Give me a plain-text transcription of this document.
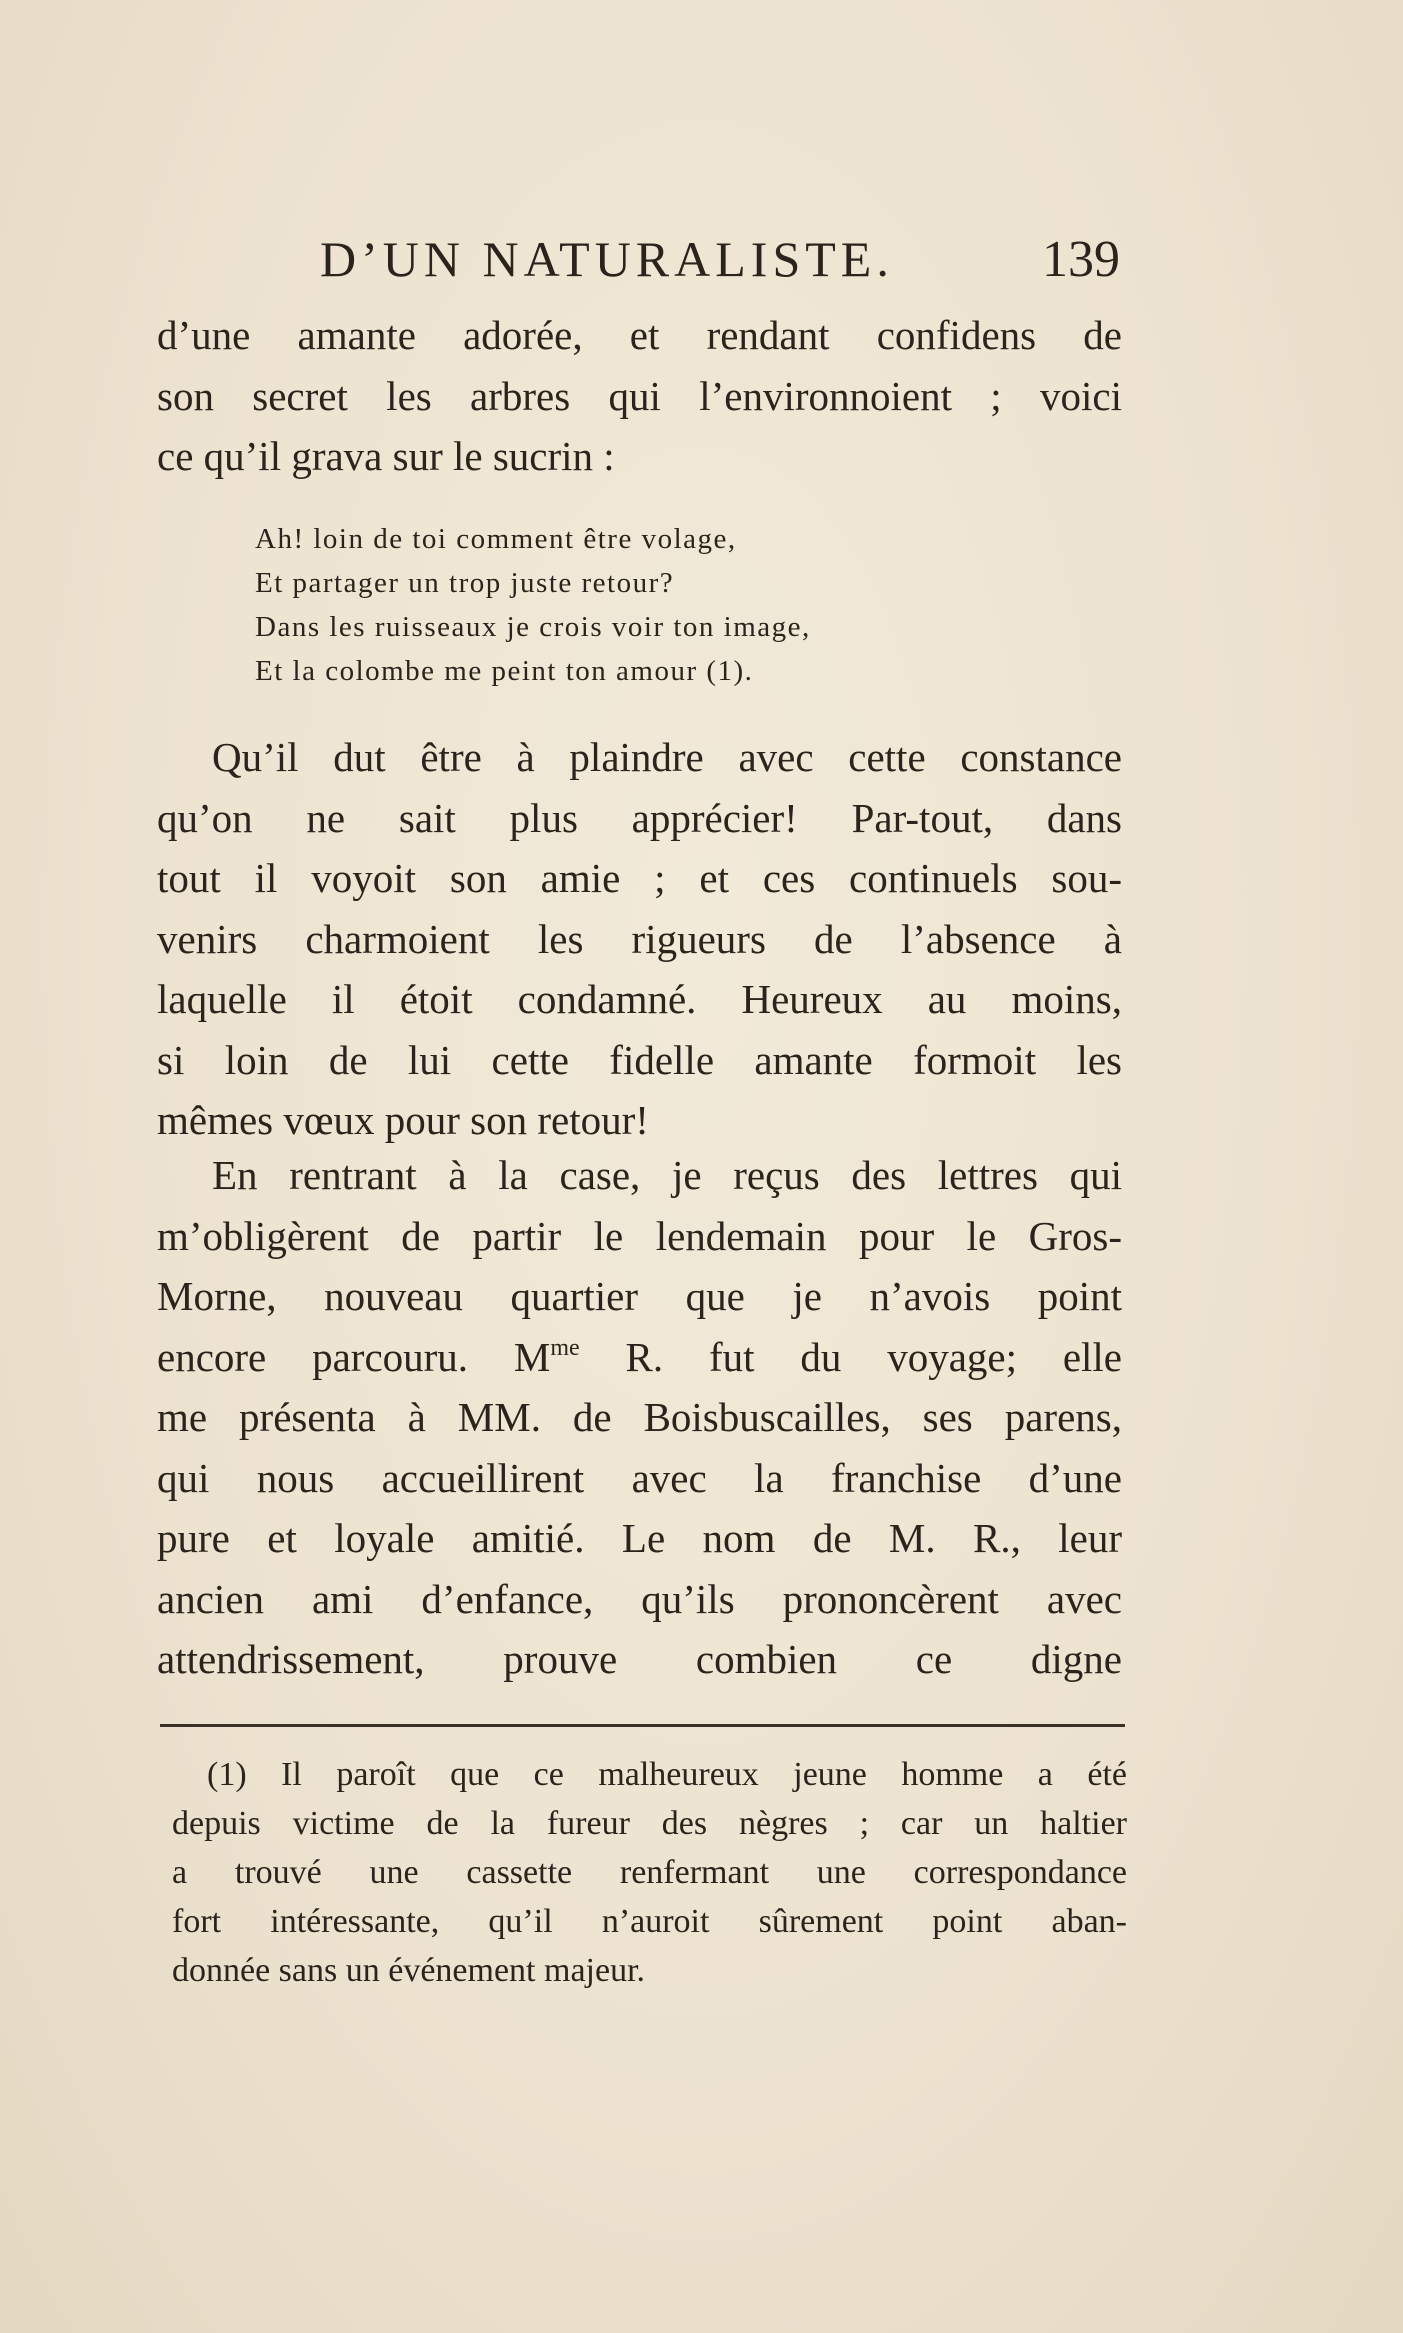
D’UN NATURALISTE.	139
d’une amante adorée, et rendant confidens de
son secret les arbres qui l’environnoient ; voici
ce qu’il grava sur le sucrin :
Ah! loin de toi comment être volage,
Et partager un trop juste retour?
Dans les ruisseaux je crois voir ton image,
Et la colombe me peint ton amour (1).
Qu’il dut être à plaindre avec cette constance
qu’on ne sait plus apprécier! Par-tout, dans
tout il voyoit son amie ; et ces continuels sou-
venirs charmoient les rigueurs de l’absence à
laquelle il étoit condamné. Heureux au moins,
si loin de lui cette fidelle amante formoit les
mêmes vœux pour son retour!
En rentrant à la case, je reçus des lettres qui
m’obligèrent de partir le lendemain pour le Gros-
Morne, nouveau quartier que je n’avois point
encore parcouru. $M^{me}$ R. fut du voyage; elle
me présenta à MM. de Boisbuscailles, ses parens,
qui nous accueillirent avec la franchise d’une
pure et loyale amitié. Le nom de M. R., leur
ancien ami d’enfance, qu’ils prononcèrent avec
attendrissement, prouve combien ce digne
(1) Il paroît que ce malheureux jeune homme a été
depuis victime de la fureur des nègres ; car un haltier
a trouvé une cassette renfermant une correspondance
fort intéressante, qu’il n’auroit sûrement point aban-
donnée sans un événement majeur.
